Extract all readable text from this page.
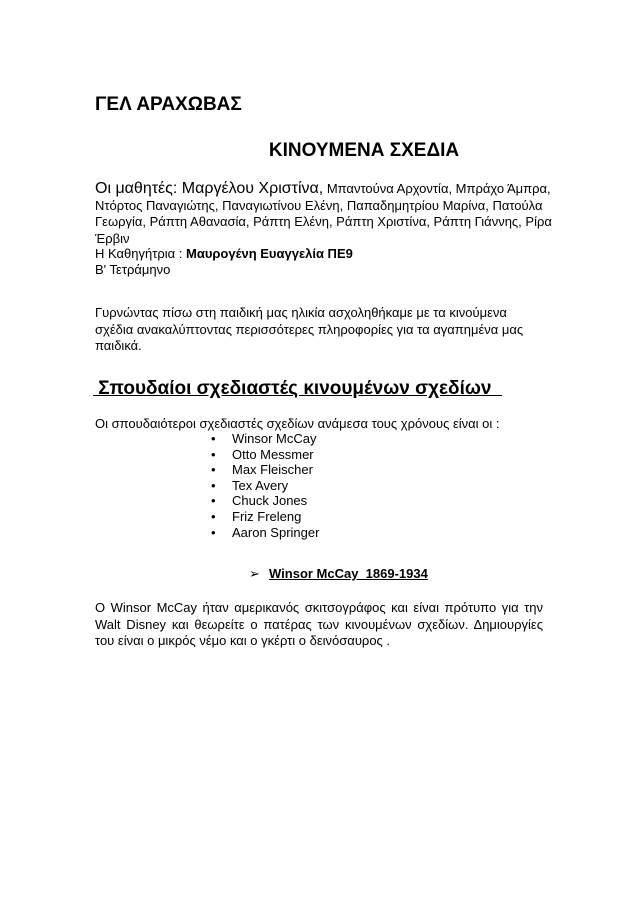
ΓΕΛ ΑΡΑΧΩΒΑΣ
ΚΙΝΟΥΜΕΝΑ ΣΧΕΔΙΑ

Οι μαθητές: Μαργέλου Χριστίνα, Μπαντούνα Αρχοντία, Μπράχο Άμπρα, Ντόρτος Παναγιώτης, Παναγιωτίνου Ελένη, Παπαδημητρίου Μαρίνα, Πατούλα Γεωργία, Ράπτη Αθανασία, Ράπτη Ελένη, Ράπτη Χριστίνα, Ράπτη Γιάννης, Ρίρα Έρβιν

Η Καθηγήτρια : Μαυρογένη Ευαγγελία ΠΕ9

Β' Τετράμηνο

Γυρνώντας πίσω στη παιδική μας ηλικία ασχοληθήκαμε με τα κινούμενα σχέδια ανακαλύπτοντας περισσότερες πληροφορίες για τα αγαπημένα μας παιδικά.

Σπουδαίοι σχεδιαστές κινουμένων σχεδίων

Οι σπουδαιότεροι σχεδιαστές σχεδίων ανάμεσα τους χρόνους είναι οι :

• Winsor McCay
• Otto Messmer
• Max Fleischer
• Tex Avery
• Chuck Jones
• Friz Freleng
• Aaron Springer

➢ Winsor McCay  1869-1934

Ο Winsor McCay ήταν αμερικανός σκιτσογράφος και είναι πρότυπο για την Walt Disney και θεωρείτε ο πατέρας των κινουμένων σχεδίων. Δημιουργίες του είναι ο μικρός νέμο και ο γκέρτι ο δεινόσαυρος .
